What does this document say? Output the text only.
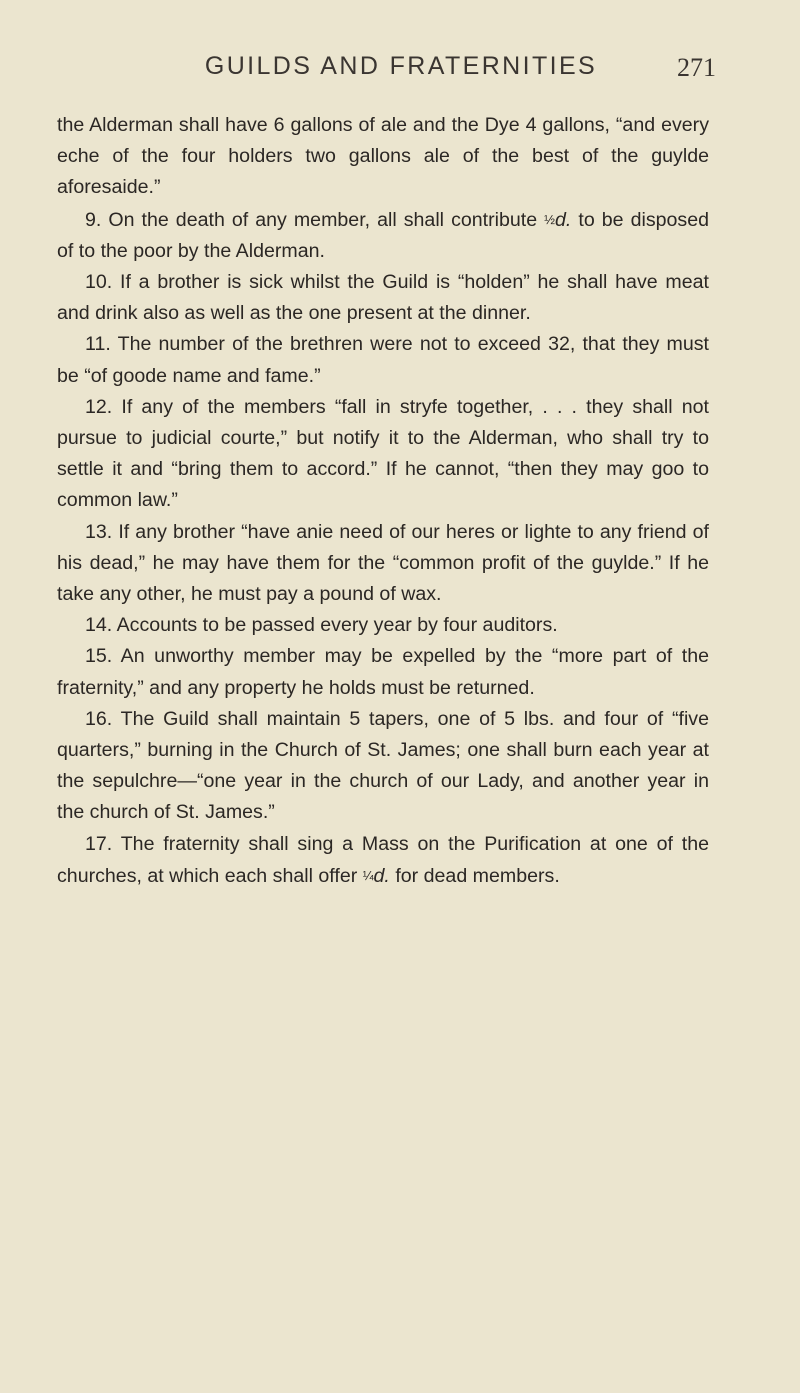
GUILDS AND FRATERNITIES	271

the Alderman shall have 6 gallons of ale and the Dye 4 gallons, “and every eche of the four holders two gallons ale of the best of the guylde aforesaide.”

9. On the death of any member, all shall contribute ½d. to be disposed of to the poor by the Alderman.

10. If a brother is sick whilst the Guild is “holden” he shall have meat and drink also as well as the one present at the dinner.

11. The number of the brethren were not to exceed 32, that they must be “of goode name and fame.”

12. If any of the members “fall in stryfe together, . . . they shall not pursue to judicial courte,” but notify it to the Alderman, who shall try to settle it and “bring them to accord.” If he cannot, “then they may goo to common law.”

13. If any brother “have anie need of our heres or lighte to any friend of his dead,” he may have them for the “common profit of the guylde.” If he take any other, he must pay a pound of wax.

14. Accounts to be passed every year by four auditors.

15. An unworthy member may be expelled by the “more part of the fraternity,” and any property he holds must be returned.

16. The Guild shall maintain 5 tapers, one of 5 lbs. and four of “five quarters,” burning in the Church of St. James; one shall burn each year at the sepulchre—“one year in the church of our Lady, and another year in the church of St. James.”

17. The fraternity shall sing a Mass on the Purification at one of the churches, at which each shall offer ¼d. for dead members.
